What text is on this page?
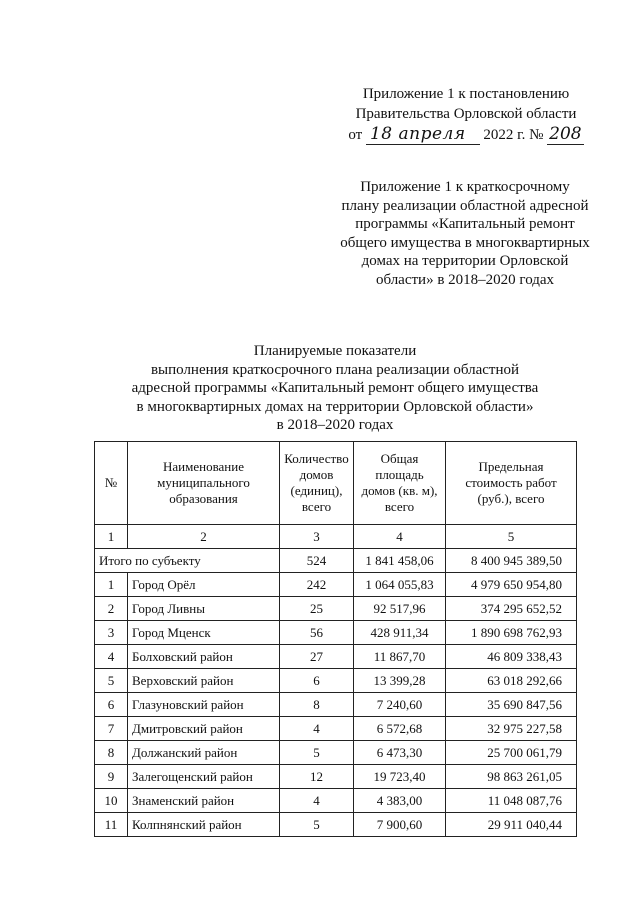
Приложение 1 к постановлению
Правительства Орловской области
от 18 апреля 2022 г. № 208
Приложение 1 к краткосрочному
плану реализации областной адресной
программы «Капитальный ремонт
общего имущества в многоквартирных
домах на территории Орловской
области» в 2018–2020 годах
Планируемые показатели
выполнения краткосрочного плана реализации областной
адресной программы «Капитальный ремонт общего имущества
в многоквартирных домах на территории Орловской области»
в 2018–2020 годах
№	Наименование муниципального образования	Количество домов (единиц), всего	Общая площадь домов (кв. м), всего	Предельная стоимость работ (руб.), всего
1	2	3	4	5
Итого по субъекту		524	1 841 458,06	8 400 945 389,50
1	Город Орёл	242	1 064 055,83	4 979 650 954,80
2	Город Ливны	25	92 517,96	374 295 652,52
3	Город Мценск	56	428 911,34	1 890 698 762,93
4	Болховский район	27	11 867,70	46 809 338,43
5	Верховский район	6	13 399,28	63 018 292,66
6	Глазуновский район	8	7 240,60	35 690 847,56
7	Дмитровский район	4	6 572,68	32 975 227,58
8	Должанский район	5	6 473,30	25 700 061,79
9	Залегощенский район	12	19 723,40	98 863 261,05
10	Знаменский район	4	4 383,00	11 048 087,76
11	Колпнянский район	5	7 900,60	29 911 040,44
